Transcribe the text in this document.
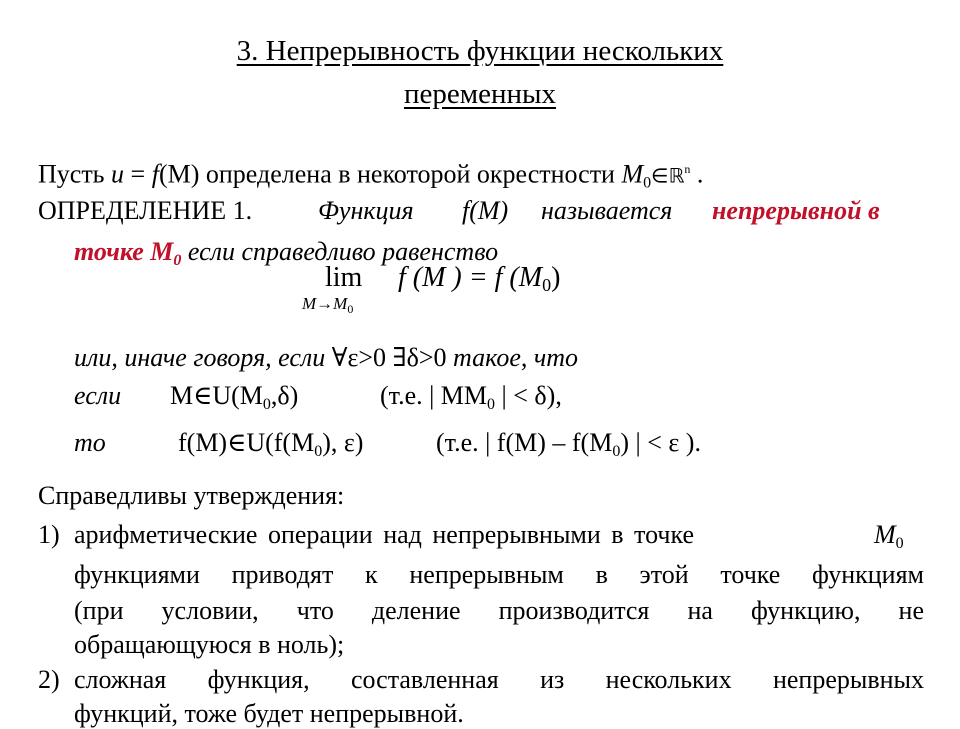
3. Непрерывность функции нескольких
переменных
Пусть u = f(M) определена в некоторой окрестности $M_0\in ℝ^n$ .
ОПРЕДЕЛЕНИЕ 1.	Функция f(M) называется непрерывной в
точке $M_0$ если справедливо равенство
lim
$M\to M_0$
f (M ) = f $(M_0)$
или, иначе говоря, если ∀ε>0 ∃δ>0 такое, что
если $M\in U(M_0,\delta)$	(т.е. | $MM_0$ | < δ),
то	$f(M)\in U(f(M_0)$, ε)	(т.е. | $f(M) - f(M_0)$ | < ε ).
Справедливы утверждения:
1) арифметические операции над непрерывными в точке	$M_0$
функциями приводят к непрерывным в этой точке функциям
(при условии, что деление производится на функцию, не
обращающуюся в ноль);
2) сложная функция, составленная из нескольких непрерывных
функций, тоже будет непрерывной.
